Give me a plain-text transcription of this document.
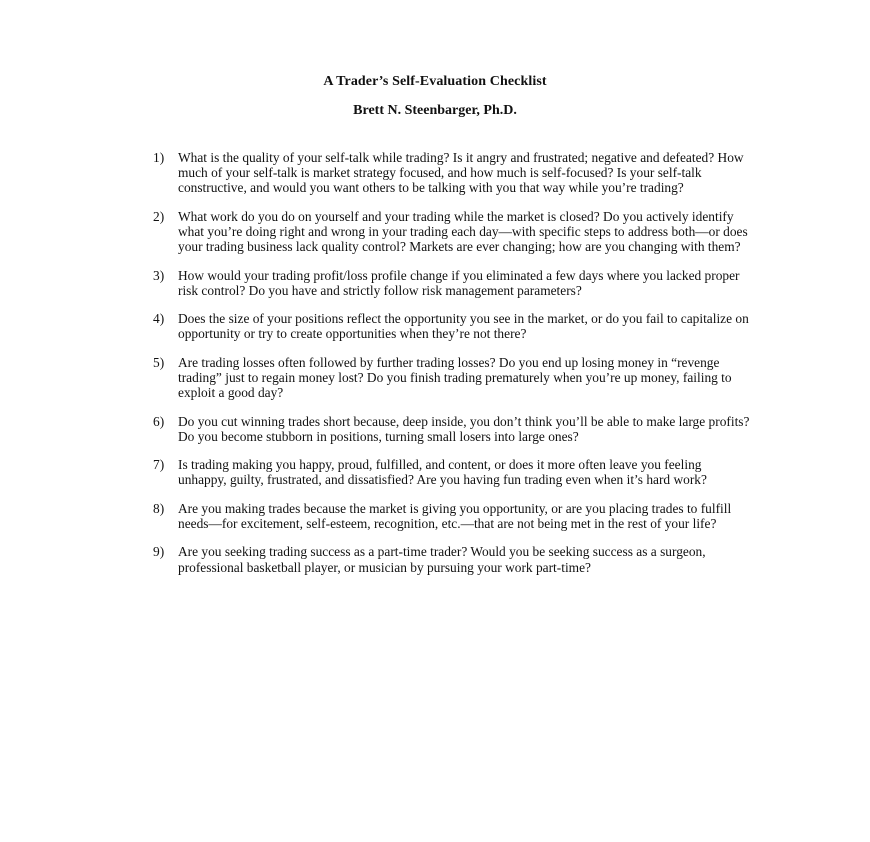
A Trader’s Self-Evaluation Checklist
Brett N. Steenbarger, Ph.D.
1) What is the quality of your self-talk while trading? Is it angry and frustrated; negative and defeated? How much of your self-talk is market strategy focused, and how much is self-focused? Is your self-talk constructive, and would you want others to be talking with you that way while you’re trading?
2) What work do you do on yourself and your trading while the market is closed? Do you actively identify what you’re doing right and wrong in your trading each day—with specific steps to address both—or does your trading business lack quality control? Markets are ever changing; how are you changing with them?
3) How would your trading profit/loss profile change if you eliminated a few days where you lacked proper risk control? Do you have and strictly follow risk management parameters?
4) Does the size of your positions reflect the opportunity you see in the market, or do you fail to capitalize on opportunity or try to create opportunities when they’re not there?
5) Are trading losses often followed by further trading losses? Do you end up losing money in “revenge trading” just to regain money lost? Do you finish trading prematurely when you’re up money, failing to exploit a good day?
6) Do you cut winning trades short because, deep inside, you don’t think you’ll be able to make large profits? Do you become stubborn in positions, turning small losers into large ones?
7) Is trading making you happy, proud, fulfilled, and content, or does it more often leave you feeling unhappy, guilty, frustrated, and dissatisfied? Are you having fun trading even when it’s hard work?
8) Are you making trades because the market is giving you opportunity, or are you placing trades to fulfill needs—for excitement, self-esteem, recognition, etc.—that are not being met in the rest of your life?
9) Are you seeking trading success as a part-time trader? Would you be seeking success as a surgeon, professional basketball player, or musician by pursuing your work part-time?
